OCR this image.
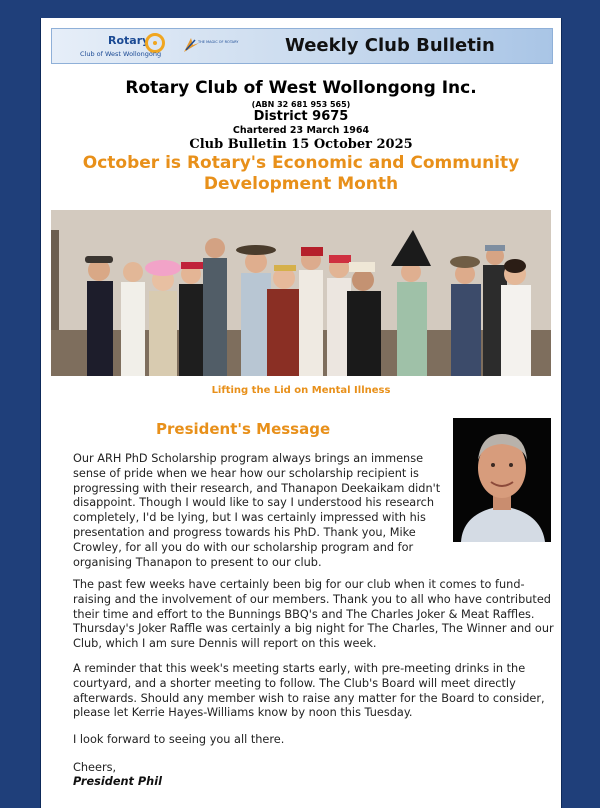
Rotary
Club of West Wollongong
THE MAGIC OF ROTARY	Weekly Club Bulletin
Rotary Club of West Wollongong Inc.
(ABN 32 681 953 565)
District 9675
Chartered 23 March 1964
Club Bulletin 15 October 2025
October is Rotary's Economic and Community Development Month
Lifting the Lid on Mental Illness
President's Message
Our ARH PhD Scholarship program always brings an immense sense of pride when we hear how our scholarship recipient is progressing with their research, and Thanapon Deekaikam didn't disappoint. Though I would like to say I understood his research completely, I'd be lying, but I was certainly impressed with his presentation and progress towards his PhD. Thank you, Mike Crowley, for all you do with our scholarship program and for organising Thanapon to present to our club.
The past few weeks have certainly been big for our club when it comes to fund-raising and the involvement of our members. Thank you to all who have contributed their time and effort to the Bunnings BBQ's and The Charles Joker & Meat Raffles. Thursday's Joker Raffle was certainly a big night for The Charles, The Winner and our Club, which I am sure Dennis will report on this week.
A reminder that this week's meeting starts early, with pre-meeting drinks in the courtyard, and a shorter meeting to follow. The Club's Board will meet directly afterwards. Should any member wish to raise any matter for the Board to consider, please let Kerrie Hayes-Williams know by noon this Tuesday.
I look forward to seeing you all there.
Cheers,
President Phil
